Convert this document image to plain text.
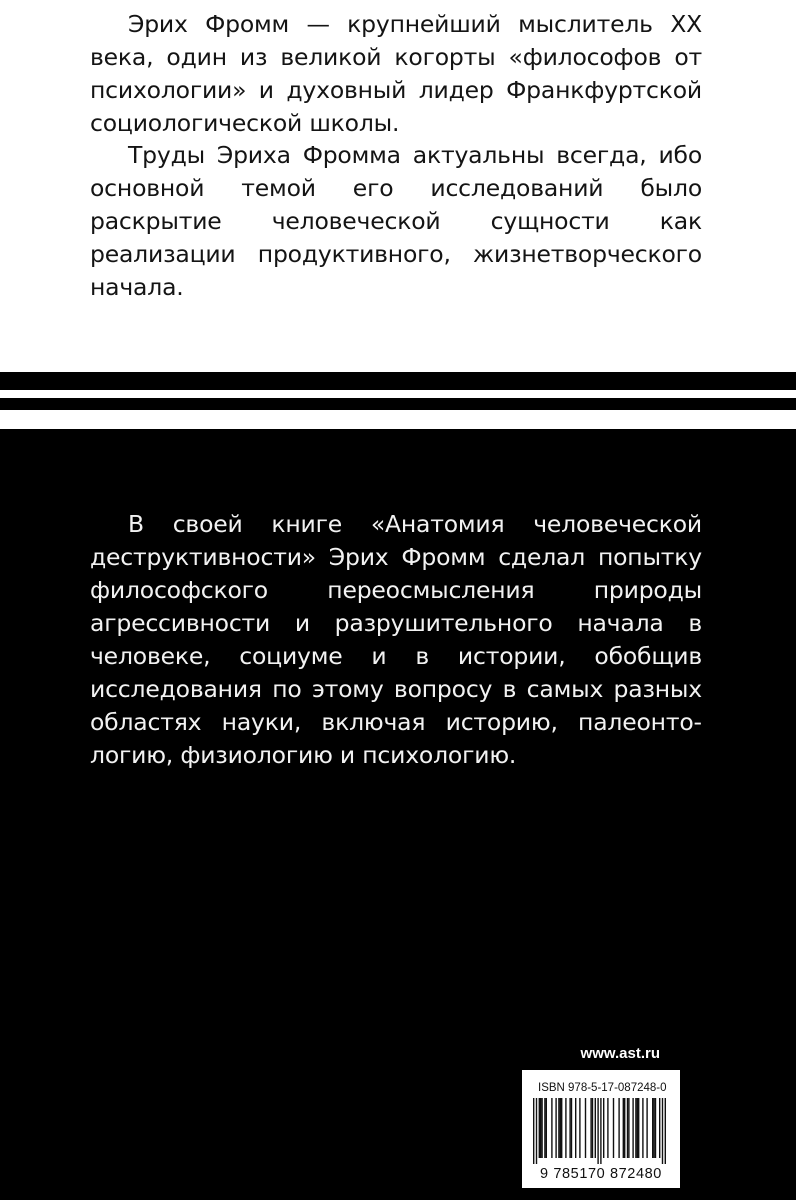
Эрих Фромм — крупнейший мыслитель XX века, один из великой когорты «философов от психологии» и духовный лидер Франкфуртской социологической школы.

Труды Эриха Фромма актуальны всегда, ибо основной темой его исследований было раскрытие человеческой сущности как реализации продуктивного, жизнетворческого начала.

В своей книге «Анатомия человеческой деструктивности» Эрих Фромм сделал попытку философского переосмысления природы агрессивности и разрушительного начала в человеке, социуме и в истории, обобщив исследования по этому вопросу в самых разных областях науки, включая историю, палеонтологию, физиологию и психологию.

www.ast.ru
ISBN 978-5-17-087248-0
9 785170 872480
